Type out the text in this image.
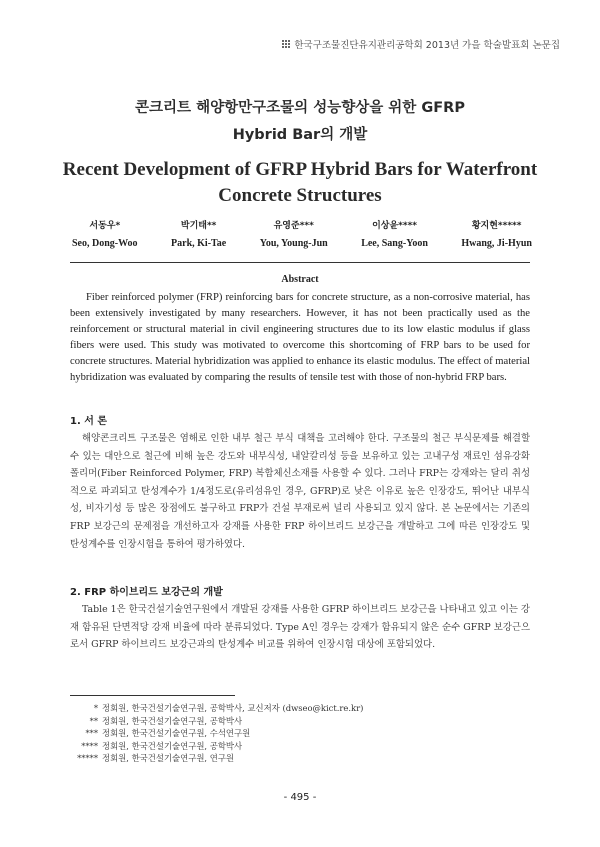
한국구조물진단유지관리공학회 2013년 가을 학술발표회 논문집
콘크리트 해양항만구조물의 성능향상을 위한 GFRP
Hybrid Bar의 개발
Recent Development of GFRP Hybrid Bars for Waterfront
Concrete Structures
서동우*
Seo, Dong-Woo
박기태**
Park, Ki-Tae
유영준***
You, Young-Jun
이상윤****
Lee, Sang-Yoon
황지현*****
Hwang, Ji-Hyun
Abstract

Fiber reinforced polymer (FRP) reinforcing bars for concrete structure, as a non-corrosive material, has been extensively investigated by many researchers. However, it has not been practically used as the reinforcement or structural material in civil engineering structures due to its low elastic modulus if glass fibers were used. This study was motivated to overcome this shortcoming of FRP bars to be used for concrete structures. Material hybridization was applied to enhance its elastic modulus. The effect of material hybridization was evaluated by comparing the results of tensile test with those of non-hybrid FRP bars.

1. 서 론

해양콘크리트 구조물은 염해로 인한 내부 철근 부식 대책을 고려해야 한다. 구조물의 철근 부식문제를 해결할 수 있는 대안으로 철근에 비해 높은 강도와 내부식성, 내알칼리성 등을 보유하고 있는 고내구성 재료인 섬유강화폴리머(Fiber Reinforced Polymer, FRP) 복합체신소재를 사용할 수 있다. 그러나 FRP는 강재와는 달리 취성적으로 파괴되고 탄성계수가 1/4정도로(유리섬유인 경우, GFRP)로 낮은 이유로 높은 인장강도, 뛰어난 내부식성, 비자기성 등 많은 장점에도 불구하고 FRP가 건설 부재로써 널리 사용되고 있지 않다. 본 논문에서는 기존의 FRP 보강근의 문제점을 개선하고자 강재를 사용한 FRP 하이브리드 보강근을 개발하고 그에 따른 인장강도 및 탄성계수를 인장시험을 통하여 평가하였다.

2. FRP 하이브리드 보강근의 개발

Table 1은 한국건설기술연구원에서 개발된 강재를 사용한 GFRP 하이브리드 보강근을 나타내고 있고 이는 강재 함유된 단면적당 강재 비율에 따라 분류되었다. Type A인 경우는 강재가 함유되지 않은 순수 GFRP 보강근으로서 GFRP 하이브리드 보강근과의 탄성계수 비교를 위하여 인장시험 대상에 포함되었다.

* 정회원, 한국건설기술연구원, 공학박사, 교신저자 (dwseo@kict.re.kr)
** 정회원, 한국건설기술연구원, 공학박사
*** 정회원, 한국건설기술연구원, 수석연구원
**** 정회원, 한국건설기술연구원, 공학박사
***** 정회원, 한국건설기술연구원, 연구원
- 495 -
